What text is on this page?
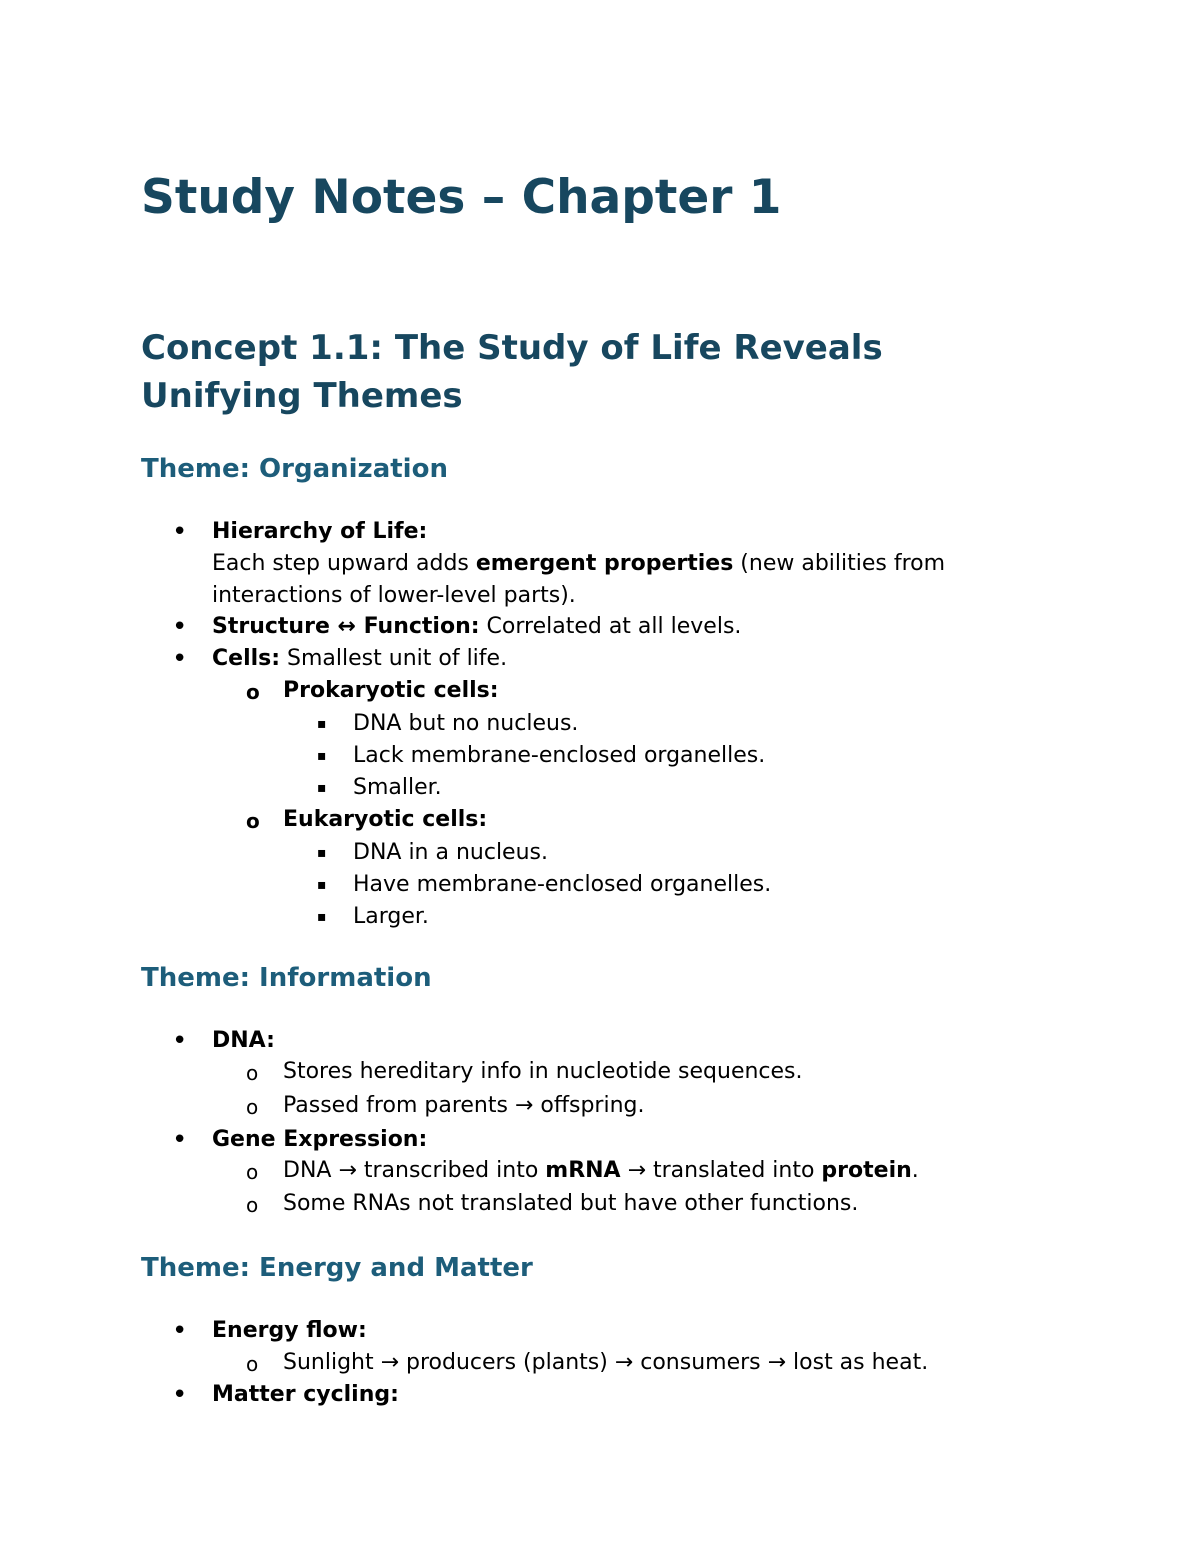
Study Notes – Chapter 1
Concept 1.1: The Study of Life Reveals
Unifying Themes
Theme: Organization
• Hierarchy of Life:

Each step upward adds emergent properties (new abilities from

interactions of lower-level parts).

• Structure ↔ Function: Correlated at all levels.

• Cells: Smallest unit of life.

o Prokaryotic cells:

▪ DNA but no nucleus.

▪ Lack membrane-enclosed organelles.

▪ Smaller.

o Eukaryotic cells:

▪ DNA in a nucleus.

▪ Have membrane-enclosed organelles.

▪ Larger.

Theme: Information
• DNA:

o Stores hereditary info in nucleotide sequences.

o Passed from parents → offspring.

• Gene Expression:

o DNA → transcribed into mRNA → translated into protein.

o Some RNAs not translated but have other functions.

Theme: Energy and Matter
• Energy flow:

o Sunlight → producers (plants) → consumers → lost as heat.

• Matter cycling:
